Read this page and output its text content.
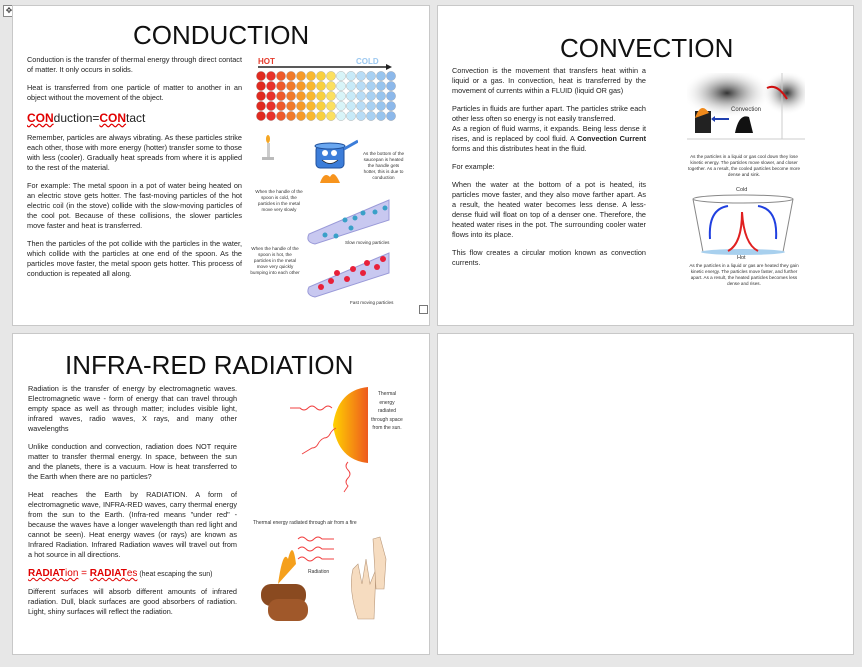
✥
CONDUCTION

Conduction is the transfer of thermal energy through direct contact of matter. It only occurs in solids.

Heat is transferred from one particle of matter to another in an object without the movement of the object.

CONduction=CONtact

Remember, particles are always vibrating. As these particles strike each other, those with more energy (hotter) transfer some to those with less (cooler). Gradually heat spreads from where it is applied to the rest of the material.

For example: The metal spoon in a pot of water being heated on an electric stove gets hotter. The fast-moving particles of the hot electric coil (in the stove) collide with the slow-moving particles of the cool pot. Because of these collisions, the slower particles move faster and heat is transferred.

Then the particles of the pot collide with the particles in the water, which collide with the particles at one end of the spoon. As the particles move faster, the metal spoon gets hotter. This process of conduction is repeated all along.

HOT	COLD
As the bottom of the saucepan is heated the handle gets hotter, this is due to conduction
When the handle of the spoon is cold, the particles in the metal move very slowly
Slow moving particles
When the handle of the spoon is hot, the particles in the metal move very quickly bumping into each other
Fast moving particles
CONVECTION

Convection is the movement that transfers heat within a liquid or a gas. In convection, heat is transferred by the movement of currents within a FLUID (liquid OR gas)

Particles in fluids are further apart. The particles strike each other less often so energy is not easily transferred.

As a region of fluid warms, it expands. Being less dense it rises, and is replaced by cool fluid. A Convection Current forms and this distributes heat in the fluid.

For example:

When the water at the bottom of a pot is heated, its particles move faster, and they also move farther apart. As a result, the heated water becomes less dense. A less-dense fluid will float on top of a denser one. Therefore, the heated water rises in the pot. The surrounding cooler water flows into its place.

This flow creates a circular motion known as convection currents.

Convection
As the particles in a liquid or gas cool down they lose kinetic energy. The particles move slower, and closer together. As a result, the cooled particles become more dense and sink.
Cold
Hot
As the particles in a liquid or gas are heated they gain kinetic energy. The particles move faster, and further apart. As a result, the heated particles becomes less dense and rises.
INFRA-RED RADIATION

Radiation is the transfer of energy by electromagnetic waves. Electromagnetic wave - form of energy that can travel through empty space as well as through matter; includes visible light, infrared waves, radio waves, X rays, and many other wavelengths

Unlike conduction and convection, radiation does NOT require matter to transfer thermal energy. In space, between the sun and the planets, there is a vacuum. How is heat transferred to the Earth when there are no particles?

Heat reaches the Earth by RADIATION. A form of electromagnetic wave, INFRA-RED waves, carry thermal energy from the sun to the Earth. (Infra-red means "under red" - because the waves have a longer wavelength than red light and cannot be seen). Heat energy waves (or rays) are known as Infrared Radiation. Infrared Radiation waves will travel out from a hot source in all directions.

RADIATion = RADIATes (heat escaping the sun)

Different surfaces will absorb different amounts of infrared radiation. Dull, black surfaces are good absorbers of radiation. Light, shiny surfaces will reflect the radiation.

Thermal energy radiated through space from the sun.
Thermal energy radiated through air from a fire
Radiation
